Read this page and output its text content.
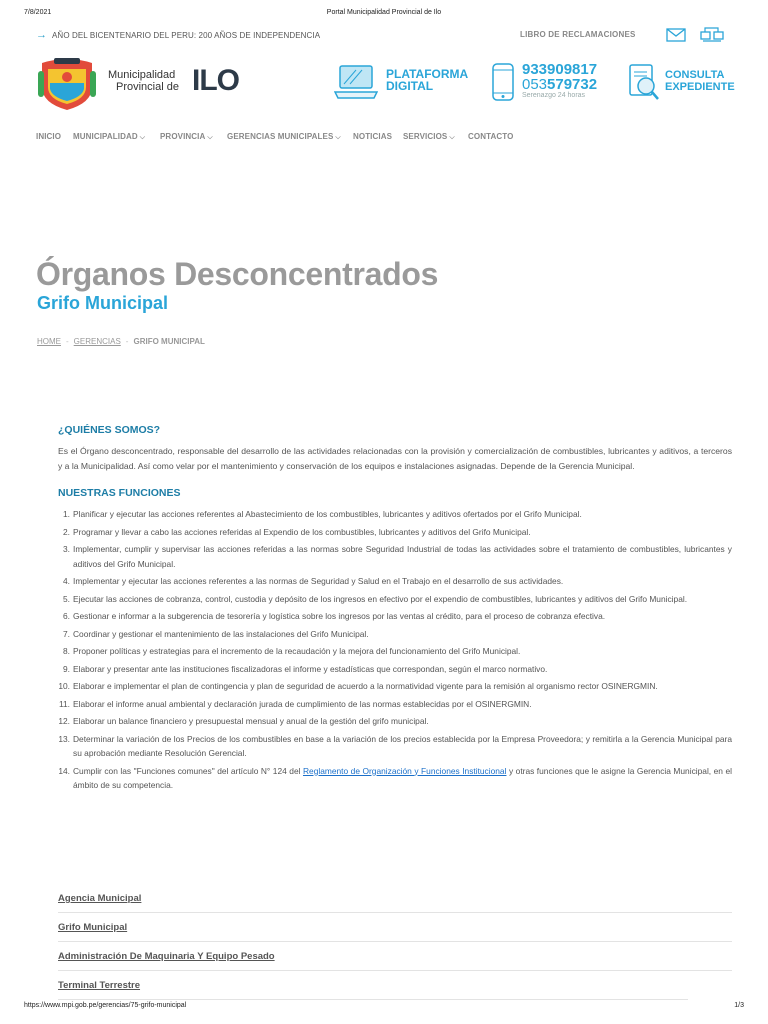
7/8/2021	Portal Municipalidad Provincial de Ilo
→ AÑO DEL BICENTENARIO DEL PERU: 200 AÑOS DE INDEPENDENCIA	LIBRO DE RECLAMACIONES
Municipalidad
Provincial de ILO	PLATAFORMA
DIGITAL
933909817
053579732
Serenazgo 24 horas
CONSULTA
EXPEDIENTE
INICIO MUNICIPALIDAD ⌵ PROVINCIA ⌵ GERENCIAS MUNICIPALES ⌵ NOTICIAS SERVICIOS ⌵ CONTACTO
Órganos Desconcentrados
Grifo Municipal
HOME - GERENCIAS - GRIFO MUNICIPAL
¿QUIÉNES SOMOS?

Es el Órgano desconcentrado, responsable del desarrollo de las actividades relacionadas con la provisión y comercialización de combustibles, lubricantes y aditivos, a terceros y a la Municipalidad. Así como velar por el mantenimiento y conservación de los equipos e instalaciones asignadas. Depende de la Gerencia Municipal.

NUESTRAS FUNCIONES
1. Planificar y ejecutar las acciones referentes al Abastecimiento de los combustibles, lubricantes y aditivos ofertados por el Grifo Municipal.
2. Programar y llevar a cabo las acciones referidas al Expendio de los combustibles, lubricantes y aditivos del Grifo Municipal.
3. Implementar, cumplir y supervisar las acciones referidas a las normas sobre Seguridad Industrial de todas las actividades sobre el tratamiento de combustibles, lubricantes y aditivos del Grifo Municipal.
4. Implementar y ejecutar las acciones referentes a las normas de Seguridad y Salud en el Trabajo en el desarrollo de sus actividades.
5. Ejecutar las acciones de cobranza, control, custodia y depósito de los ingresos en efectivo por el expendio de combustibles, lubricantes y aditivos del Grifo Municipal.
6. Gestionar e informar a la subgerencia de tesorería y logística sobre los ingresos por las ventas al crédito, para el proceso de cobranza efectiva.
7. Coordinar y gestionar el mantenimiento de las instalaciones del Grifo Municipal.
8. Proponer políticas y estrategias para el incremento de la recaudación y la mejora del funcionamiento del Grifo Municipal.
9. Elaborar y presentar ante las instituciones fiscalizadoras el informe y estadísticas que correspondan, según el marco normativo.
10. Elaborar e implementar el plan de contingencia y plan de seguridad de acuerdo a la normatividad vigente para la remisión al organismo rector OSINERGMIN.
11. Elaborar el informe anual ambiental y declaración jurada de cumplimiento de las normas establecidas por el OSINERGMIN.
12. Elaborar un balance financiero y presupuestal mensual y anual de la gestión del grifo municipal.
13. Determinar la variación de los Precios de los combustibles en base a la variación de los precios establecida por la Empresa Proveedora; y remitirla a la Gerencia Municipal para su aprobación mediante Resolución Gerencial.
14. Cumplir con las "Funciones comunes" del artículo N° 124 del Reglamento de Organización y Funciones Institucional y otras funciones que le asigne la Gerencia Municipal, en el ámbito de su competencia.
Agencia Municipal
Grifo Municipal
Administración De Maquinaria Y Equipo Pesado
Terminal Terrestre
https://www.mpi.gob.pe/gerencias/75-grifo-municipal	1/3
